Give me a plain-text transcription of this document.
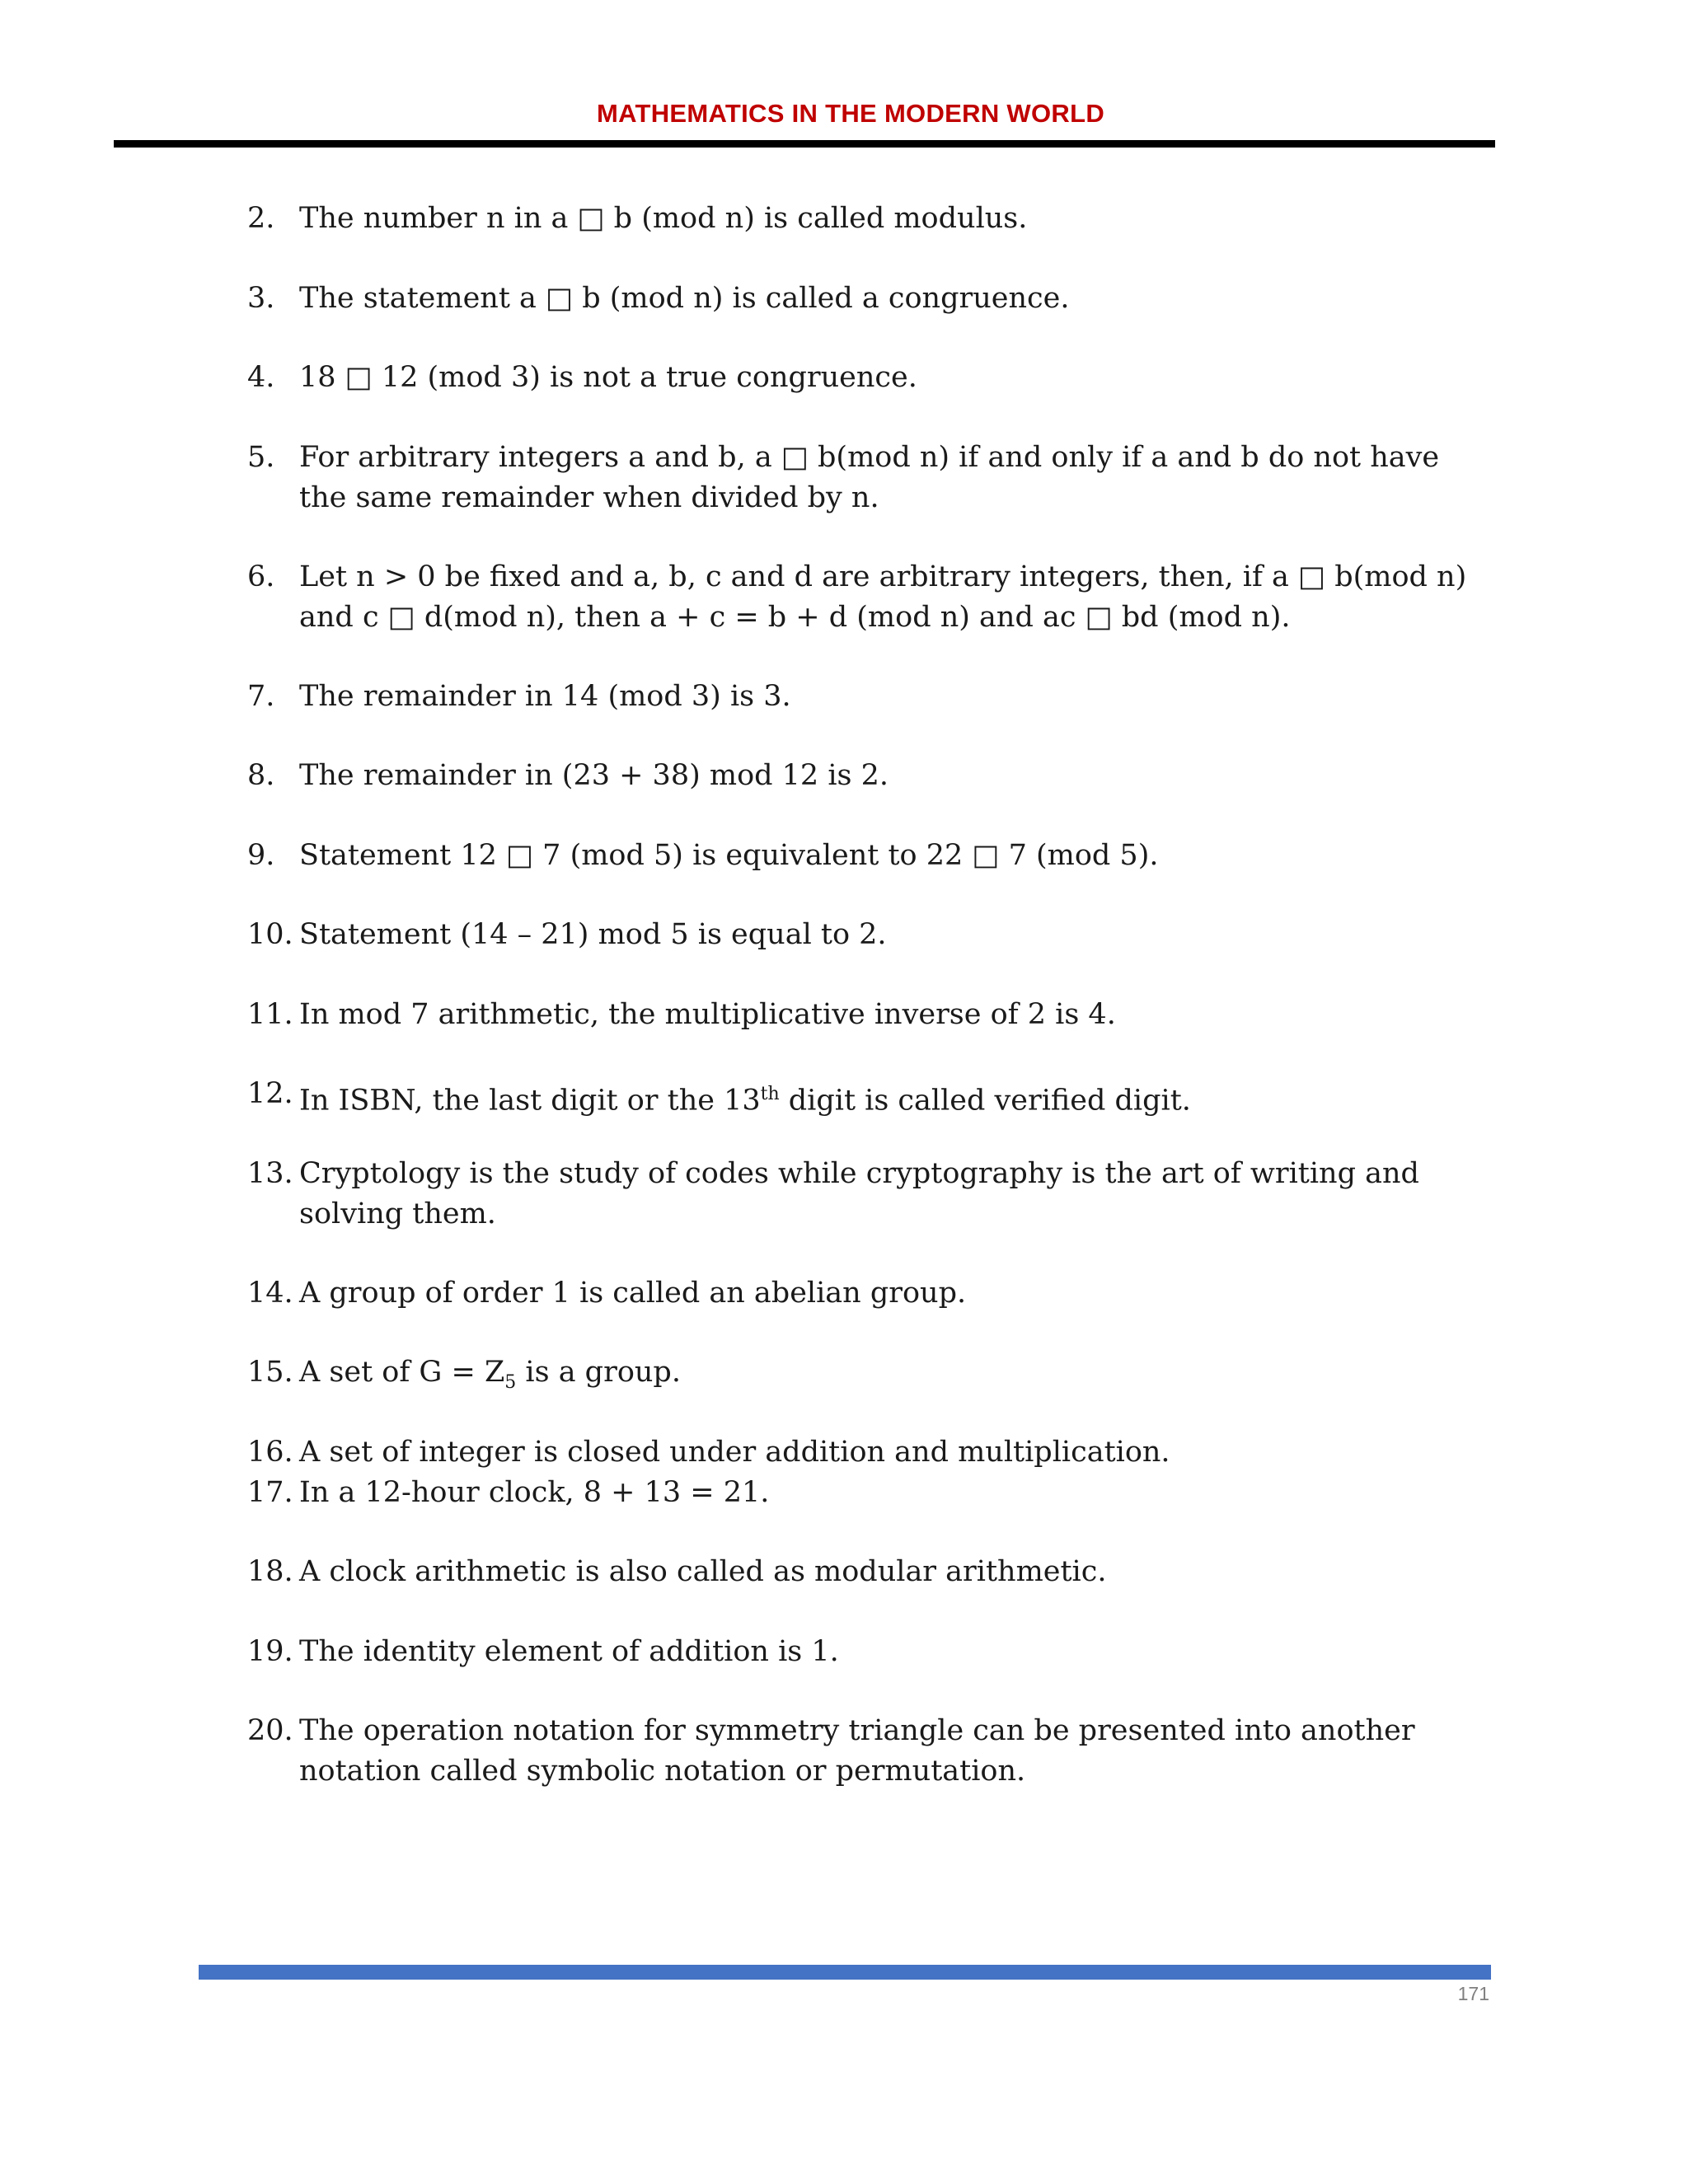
MATHEMATICS IN THE MODERN WORLD
2. The number n in a □ b (mod n) is called modulus.
3. The statement a □ b (mod n) is called a congruence.
4. 18 □ 12 (mod 3) is not a true congruence.
5. For arbitrary integers a and b, a □ b(mod n) if and only if a and b do not have the same remainder when divided by n.
6. Let n > 0 be fixed and a, b, c and d are arbitrary integers, then, if a □ b(mod n) and c □ d(mod n), then a + c = b + d (mod n) and ac □ bd (mod n).
7. The remainder in 14 (mod 3) is 3.
8. The remainder in (23 + 38) mod 12 is 2.
9. Statement 12 □ 7 (mod 5) is equivalent to 22 □ 7 (mod 5).
10. Statement (14 – 21) mod 5 is equal to 2.
11. In mod 7 arithmetic, the multiplicative inverse of 2 is 4.
12. In ISBN, the last digit or the 13th digit is called verified digit.
13. Cryptology is the study of codes while cryptography is the art of writing and solving them.
14. A group of order 1 is called an abelian group.
15. A set of $G = Z_5$ is a group.
16. A set of integer is closed under addition and multiplication.
17. In a 12-hour clock, 8 + 13 = 21.
18. A clock arithmetic is also called as modular arithmetic.
19. The identity element of addition is 1.
20. The operation notation for symmetry triangle can be presented into another notation called symbolic notation or permutation.
171
